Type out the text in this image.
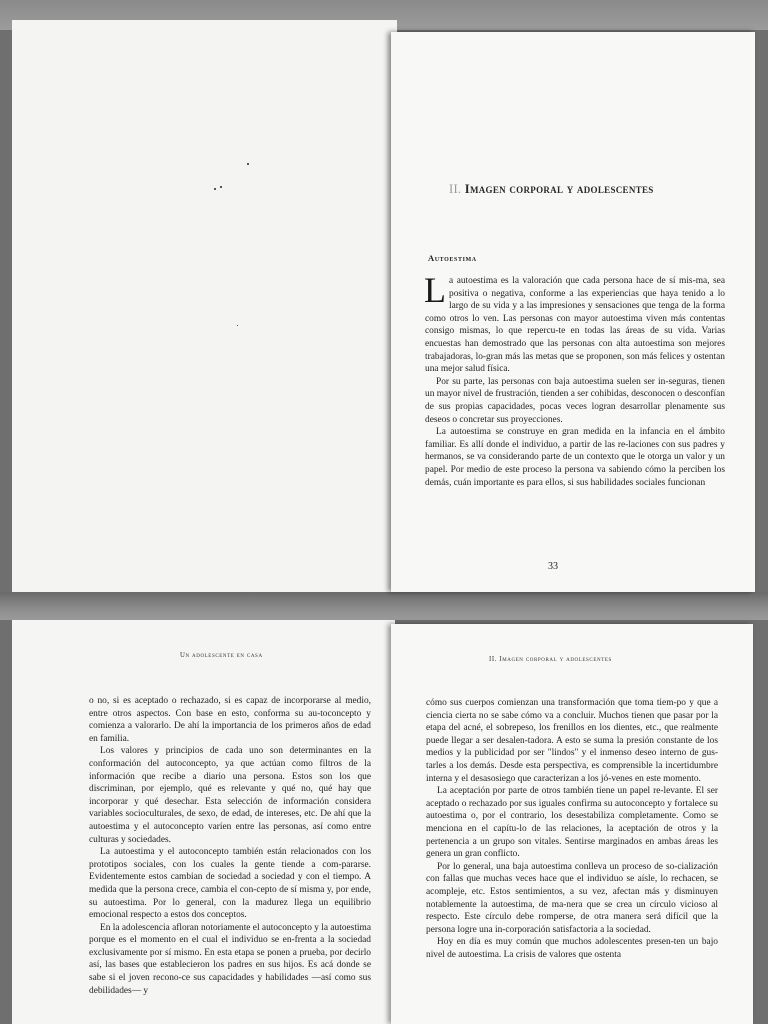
II. Imagen corporal y adolescentes
Autoestima

La autoestima es la valoración que cada persona hace de sí mis-ma, sea positiva o negativa, conforme a las experiencias que haya tenido a lo largo de su vida y a las impresiones y sensaciones que tenga de la forma como otros lo ven. Las personas con mayor autoestima viven más contentas consigo mismas, lo que repercu-te en todas las áreas de su vida. Varias encuestas han demostrado que las personas con alta autoestima son mejores trabajadoras, lo-gran más las metas que se proponen, son más felices y ostentan una mejor salud física.

Por su parte, las personas con baja autoestima suelen ser in-seguras, tienen un mayor nivel de frustración, tienden a ser cohibidas, desconocen o desconfían de sus propias capacidades, pocas veces logran desarrollar plenamente sus deseos o concretar sus proyecciones.

La autoestima se construye en gran medida en la infancia en el ámbito familiar. Es allí donde el individuo, a partir de las re-laciones con sus padres y hermanos, se va considerando parte de un contexto que le otorga un valor y un papel. Por medio de este proceso la persona va sabiendo cómo la perciben los demás, cuán importante es para ellos, si sus habilidades sociales funcionan

33
Un adolescente en casa

o no, si es aceptado o rechazado, si es capaz de incorporarse al medio, entre otros aspectos. Con base en esto, conforma su au-toconcepto y comienza a valorarlo. De ahí la importancia de los primeros años de edad en familia.

Los valores y principios de cada uno son determinantes en la conformación del autoconcepto, ya que actúan como filtros de la información que recibe a diario una persona. Estos son los que discriminan, por ejemplo, qué es relevante y qué no, qué hay que incorporar y qué desechar. Esta selección de información considera variables socioculturales, de sexo, de edad, de intereses, etc. De ahí que la autoestima y el autoconcepto varíen entre las personas, así como entre culturas y sociedades.

La autoestima y el autoconcepto también están relacionados con los prototipos sociales, con los cuales la gente tiende a com-pararse. Evidentemente estos cambian de sociedad a sociedad y con el tiempo. A medida que la persona crece, cambia el con-cepto de sí misma y, por ende, su autoestima. Por lo general, con la madurez llega un equilibrio emocional respecto a estos dos conceptos.

En la adolescencia afloran notoriamente el autoconcepto y la autoestima porque es el momento en el cual el individuo se en-frenta a la sociedad exclusivamente por sí mismo. En esta etapa se ponen a prueba, por decirlo así, las bases que establecieron los padres en sus hijos. Es acá donde se sabe si el joven recono-ce sus capacidades y habilidades —así como sus debilidades— y

II. Imagen corporal y adolescentes

cómo sus cuerpos comienzan una transformación que toma tiem-po y que a ciencia cierta no se sabe cómo va a concluir. Muchos tienen que pasar por la etapa del acné, el sobrepeso, los frenillos en los dientes, etc., que realmente puede llegar a ser desalen-tadora. A esto se suma la presión constante de los medios y la publicidad por ser "lindos" y el inmenso deseo interno de gus-tarles a los demás. Desde esta perspectiva, es comprensible la incertidumbre interna y el desasosiego que caracterizan a los jó-venes en este momento.

La aceptación por parte de otros también tiene un papel re-levante. El ser aceptado o rechazado por sus iguales confirma su autoconcepto y fortalece su autoestima o, por el contrario, los desestabiliza completamente. Como se menciona en el capítu-lo de las relaciones, la aceptación de otros y la pertenencia a un grupo son vitales. Sentirse marginados en ambas áreas les genera un gran conflicto.

Por lo general, una baja autoestima conlleva un proceso de so-cialización con fallas que muchas veces hace que el individuo se aísle, lo rechacen, se acompleje, etc. Estos sentimientos, a su vez, afectan más y disminuyen notablemente la autoestima, de ma-nera que se crea un círculo vicioso al respecto. Este círculo debe romperse, de otra manera será difícil que la persona logre una in-corporación satisfactoria a la sociedad.

Hoy en día es muy común que muchos adolescentes presen-ten un bajo nivel de autoestima. La crisis de valores que ostenta
